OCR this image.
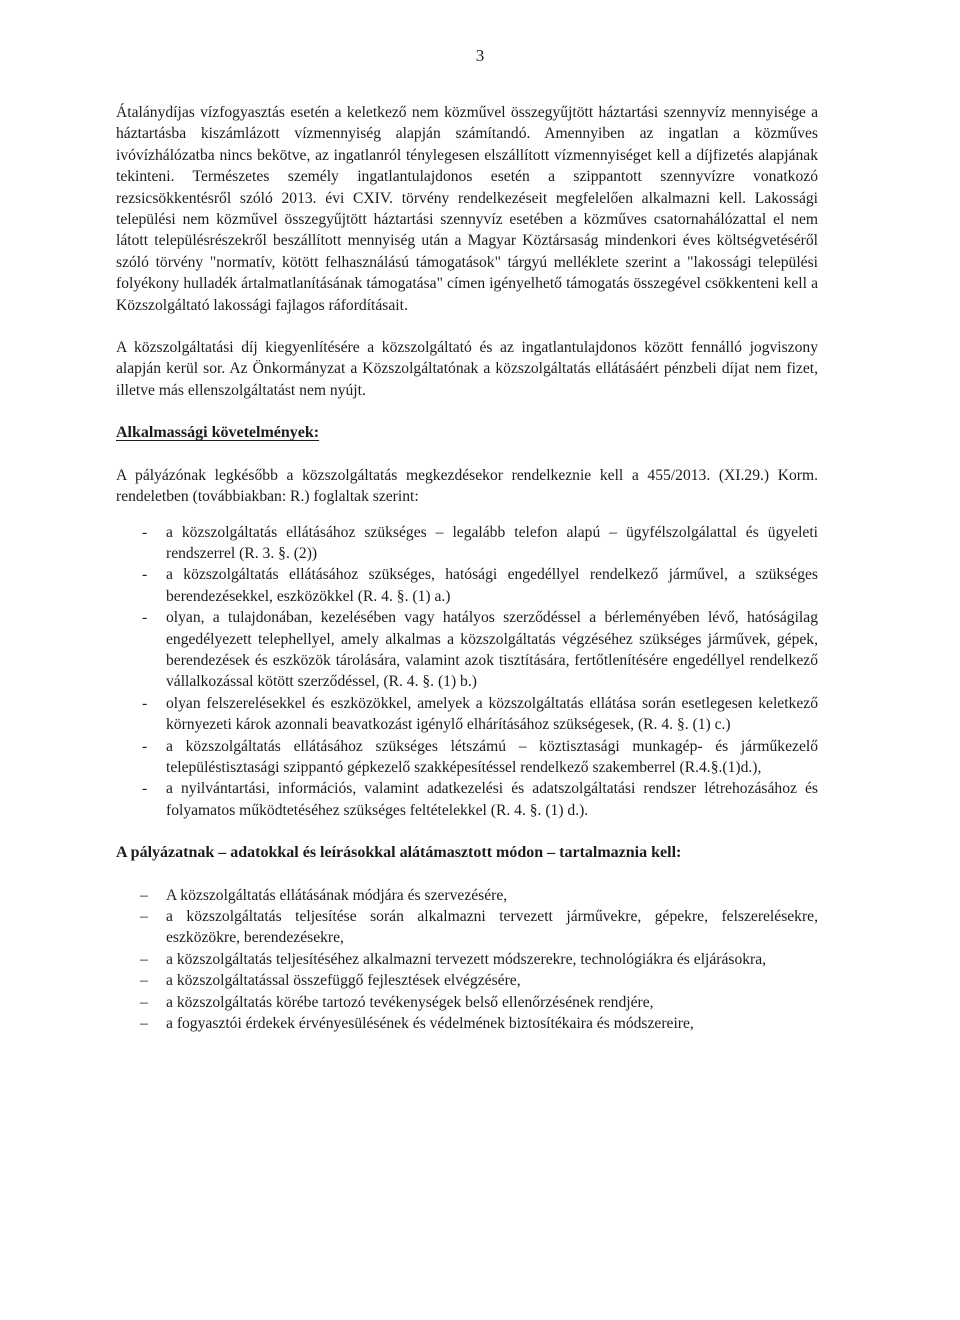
3

Átalánydíjas vízfogyasztás esetén a keletkező nem közművel összegyűjtött háztartási szennyvíz mennyisége a háztartásba kiszámlázott vízmennyiség alapján számítandó. Amennyiben az ingatlan a közműves ivóvízhálózatba nincs bekötve, az ingatlanról ténylegesen elszállított vízmennyiséget kell a díjfizetés alapjának tekinteni. Természetes személy ingatlantulajdonos esetén a szippantott szennyvízre vonatkozó rezsicsökkentésről szóló 2013. évi CXIV. törvény rendelkezéseit megfelelően alkalmazni kell. Lakossági települési nem közművel összegyűjtött háztartási szennyvíz esetében a közműves csatornahálózattal el nem látott településrészekről beszállított mennyiség után a Magyar Köztársaság mindenkori éves költségvetéséről szóló törvény "normatív, kötött felhasználású támogatások" tárgyú melléklete szerint a "lakossági települési folyékony hulladék ártalmatlanításának támogatása" címen igényelhető támogatás összegével csökkenteni kell a Közszolgáltató lakossági fajlagos ráfordításait.

A közszolgáltatási díj kiegyenlítésére a közszolgáltató és az ingatlantulajdonos között fennálló jogviszony alapján kerül sor. Az Önkormányzat a Közszolgáltatónak a közszolgáltatás ellátásáért pénzbeli díjat nem fizet, illetve más ellenszolgáltatást nem nyújt.

Alkalmassági követelmények:

A pályázónak legkésőbb a közszolgáltatás megkezdésekor rendelkeznie kell a 455/2013. (XI.29.) Korm. rendeletben (továbbiakban: R.) foglaltak szerint:

- a közszolgáltatás ellátásához szükséges – legalább telefon alapú – ügyfélszolgálattal és ügyeleti rendszerrel (R. 3. §. (2))
- a közszolgáltatás ellátásához szükséges, hatósági engedéllyel rendelkező járművel, a szükséges berendezésekkel, eszközökkel (R. 4. §. (1) a.)
- olyan, a tulajdonában, kezelésében vagy hatályos szerződéssel a bérleményében lévő, hatóságilag engedélyezett telephellyel, amely alkalmas a közszolgáltatás végzéséhez szükséges járművek, gépek, berendezések és eszközök tárolására, valamint azok tisztítására, fertőtlenítésére engedéllyel rendelkező vállalkozással kötött szerződéssel, (R. 4. §. (1) b.)
- olyan felszerelésekkel és eszközökkel, amelyek a közszolgáltatás ellátása során esetlegesen keletkező környezeti károk azonnali beavatkozást igénylő elhárításához szükségesek, (R. 4. §. (1) c.)
- a közszolgáltatás ellátásához szükséges létszámú – köztisztasági munkagép- és járműkezelő településtisztasági szippantó gépkezelő szakképesítéssel rendelkező szakemberrel (R.4.§.(1)d.),
- a nyilvántartási, információs, valamint adatkezelési és adatszolgáltatási rendszer létrehozásához és folyamatos működtetéséhez szükséges feltételekkel (R. 4. §. (1) d.).

A pályázatnak – adatokkal és leírásokkal alátámasztott módon – tartalmaznia kell:

– A közszolgáltatás ellátásának módjára és szervezésére,
– a közszolgáltatás teljesítése során alkalmazni tervezett járművekre, gépekre, felszerelésekre, eszközökre, berendezésekre,
– a közszolgáltatás teljesítéséhez alkalmazni tervezett módszerekre, technológiákra és eljárásokra,
– a közszolgáltatással összefüggő fejlesztések elvégzésére,
– a közszolgáltatás körébe tartozó tevékenységek belső ellenőrzésének rendjére,
– a fogyasztói érdekek érvényesülésének és védelmének biztosítékaira és módszereire,
